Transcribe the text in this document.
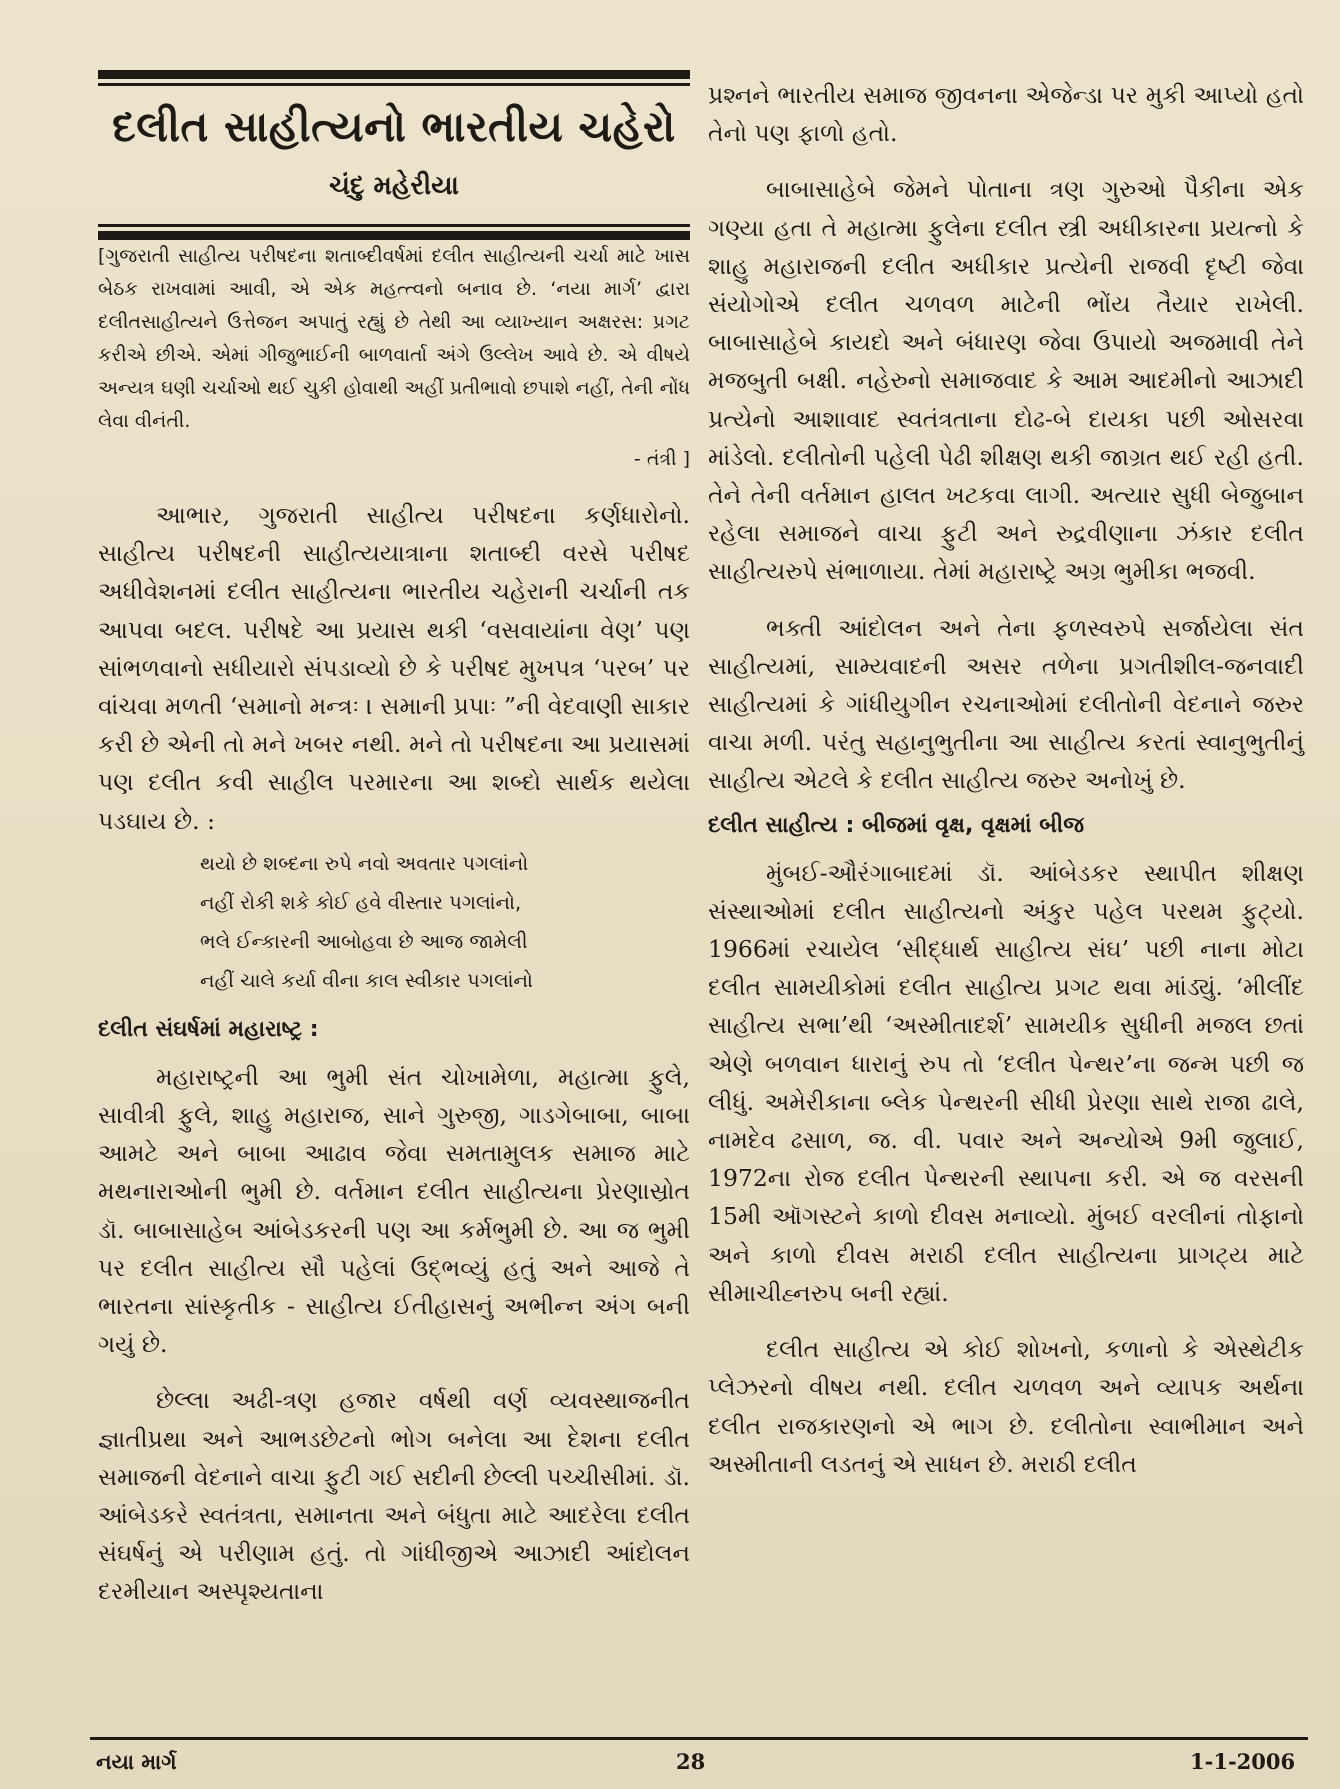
દલીત સાહીત્યનો ભારતીય ચહેરો
ચંદુ મહેરીયા

[ગુજરાતી સાહીત્ય પરીષદના શતાબ્દીવર્ષમાં દલીત સાહીત્યની ચર્ચા માટે ખાસ બેઠક રાખવામાં આવી, એ એક મહત્ત્વનો બનાવ છે. ‘નયા માર્ગ’ દ્વારા દલીતસાહીત્યને ઉત્તેજન અપાતું રહ્યું છે તેથી આ વ્યાખ્યાન અક્ષરસ: પ્રગટ કરીએ છીએ. એમાં ગીજુભાઈની બાળવાર્તા અંગે ઉલ્લેખ આવે છે. એ વીષયે અન્યત્ર ઘણી ચર્ચાઓ થઈ ચુકી હોવાથી અહીં પ્રતીભાવો છપાશે નહીં, તેની નોંધ લેવા વીનંતી.

- તંત્રી ]

આભાર, ગુજરાતી સાહીત્ય પરીષદના કર્ણધારોનો. સાહીત્ય પરીષદની સાહીત્યયાત્રાના શતાબ્દી વરસે પરીષદ અધીવેશનમાં દલીત સાહીત્યના ભારતીય ચહેરાની ચર્ચાની તક આપવા બદલ. પરીષદે આ પ્રયાસ થકી ‘વસવાયાંના વેણ’ પણ સાંભળવાનો સધીયારો સંપડાવ્યો છે કે પરીષદ મુખપત્ર ‘પરબ’ પર વાંચવા મળતી ‘સમાનો મન્ત્રઃ । સમાની પ્રપાઃ ”ની વેદવાણી સાકાર કરી છે એની તો મને ખબર નથી. મને તો પરીષદના આ પ્રયાસમાં પણ દલીત કવી સાહીલ પરમારના આ શબ્દો સાર્થક થયેલા પડઘાય છે. :

થયો છે શબ્દના રુપે નવો અવતાર પગલાંનો
નહીં રોકી શકે કોઈ હવે વીસ્તાર પગલાંનો,
ભલે ઈન્કારની આબોહવા છે આજ જામેલી
નહીં ચાલે કર્યા વીના કાલ સ્વીકાર પગલાંનો
દલીત સંઘર્ષમાં મહારાષ્ટ્ર :

મહારાષ્ટ્રની આ ભુમી સંત ચોખામેળા, મહાત્મા ફુલે, સાવીત્રી ફુલે, શાહુ મહારાજ, સાને ગુરુજી, ગાડગેબાબા, બાબા આમટે અને બાબા આઢાવ જેવા સમતામુલક સમાજ માટે મથનારાઓની ભુમી છે. વર્તમાન દલીત સાહીત્યના પ્રેરણાસ્રોત ડૉ. બાબાસાહેબ આંબેડકરની પણ આ કર્મભુમી છે. આ જ ભુમી પર દલીત સાહીત્ય સૌ પહેલાં ઉદ્ભવ્યું હતું અને આજે તે ભારતના સાંસ્કૃતીક - સાહીત્ય ઈતીહાસનું અભીન્ન અંગ બની ગયું છે.

છેલ્લા અઢી-ત્રણ હજાર વર્ષથી વર્ણ વ્યવસ્થાજનીત જ્ઞાતીપ્રથા અને આભડછેટનો ભોગ બનેલા આ દેશના દલીત સમાજની વેદનાને વાચા ફુટી ગઈ સદીની છેલ્લી પચ્ચીસીમાં. ડૉ. આંબેડકરે સ્વતંત્રતા, સમાનતા અને બંધુતા માટે આદરેલા દલીત સંઘર્ષનું એ પરીણામ હતું. તો ગાંધીજીએ આઝાદી આંદોલન દરમીયાન અસ્પૃશ્યતાના

પ્રશ્નને ભારતીય સમાજ જીવનના એજેન્ડા પર મુકી આપ્યો હતો તેનો પણ ફાળો હતો.

બાબાસાહેબે જેમને પોતાના ત્રણ ગુરુઓ પૈકીના એક ગણ્યા હતા તે મહાત્મા ફુલેના દલીત સ્ત્રી અધીકારના પ્રયત્નો કે શાહુ મહારાજની દલીત અધીકાર પ્રત્યેની રાજવી દૃષ્ટી જેવા સંયોગોએ દલીત ચળવળ માટેની ભોંય તૈયાર રાખેલી. બાબાસાહેબે કાયદો અને બંધારણ જેવા ઉપાયો અજમાવી તેને મજબુતી બક્ષી. નહેરુનો સમાજવાદ કે આમ આદમીનો આઝાદી પ્રત્યેનો આશાવાદ સ્વતંત્રતાના દોઢ-બે દાયકા પછી ઓસરવા માંડેલો. દલીતોની પહેલી પેઢી શીક્ષણ થકી જાગ્રત થઈ રહી હતી. તેને તેની વર્તમાન હાલત ખટકવા લાગી. અત્યાર સુધી બેજુબાન રહેલા સમાજને વાચા ફુટી અને રુદ્રવીણાના ઝંકાર દલીત સાહીત્યરુપે સંભાળાયા. તેમાં મહારાષ્ટ્રે અગ્ર ભુમીકા ભજવી.

ભક્તી આંદોલન અને તેના ફળસ્વરુપે સર્જાયેલા સંત સાહીત્યમાં, સામ્યવાદની અસર તળેના પ્રગતીશીલ-જનવાદી સાહીત્યમાં કે ગાંધીયુગીન રચનાઓમાં દલીતોની વેદનાને જરુર વાચા મળી. પરંતુ સહાનુભુતીના આ સાહીત્ય કરતાં સ્વાનુભુતીનું સાહીત્ય એટલે કે દલીત સાહીત્ય જરુર અનોખું છે.

દલીત સાહીત્ય : બીજમાં વૃક્ષ, વૃક્ષમાં બીજ

મુંબઈ-ઔરંગાબાદમાં ડૉ. આંબેડકર સ્થાપીત શીક્ષણ સંસ્થાઓમાં દલીત સાહીત્યનો અંકુર પહેલ પરથમ ફુટ્યો. 1966માં રચાયેલ ‘સીદ્ધાર્થ સાહીત્ય સંઘ’ પછી નાના મોટા દલીત સામયીકોમાં દલીત સાહીત્ય પ્રગટ થવા માંડ્યું. ‘મીલીંદ સાહીત્ય સભા’થી ‘અસ્મીતાદર્શ’ સામયીક સુધીની મજલ છતાં એણે બળવાન ધારાનું રુપ તો ‘દલીત પેન્થર’ના જન્મ પછી જ લીધું. અમેરીકાના બ્લેક પેન્થરની સીધી પ્રેરણા સાથે રાજા ઢાલે, નામદેવ ઢસાળ, જ. વી. પવાર અને અન્યોએ 9મી જુલાઈ, 1972ના રોજ દલીત પેન્થરની સ્થાપના કરી. એ જ વરસની 15મી ઑગસ્ટને કાળો દીવસ મનાવ્યો. મુંબઈ વરલીનાં તોફાનો અને કાળો દીવસ મરાઠી દલીત સાહીત્યના પ્રાગટ્ય માટે સીમાચીહ્નરુપ બની રહ્યાં.

દલીત સાહીત્ય એ કોઈ શોખનો, કળાનો કે એસ્થેટીક પ્લેઝરનો વીષય નથી. દલીત ચળવળ અને વ્યાપક અર્થના દલીત રાજકારણનો એ ભાગ છે. દલીતોના સ્વાભીમાન અને અસ્મીતાની લડતનું એ સાધન છે. મરાઠી દલીત

નયા માર્ગ	28	1-1-2006
